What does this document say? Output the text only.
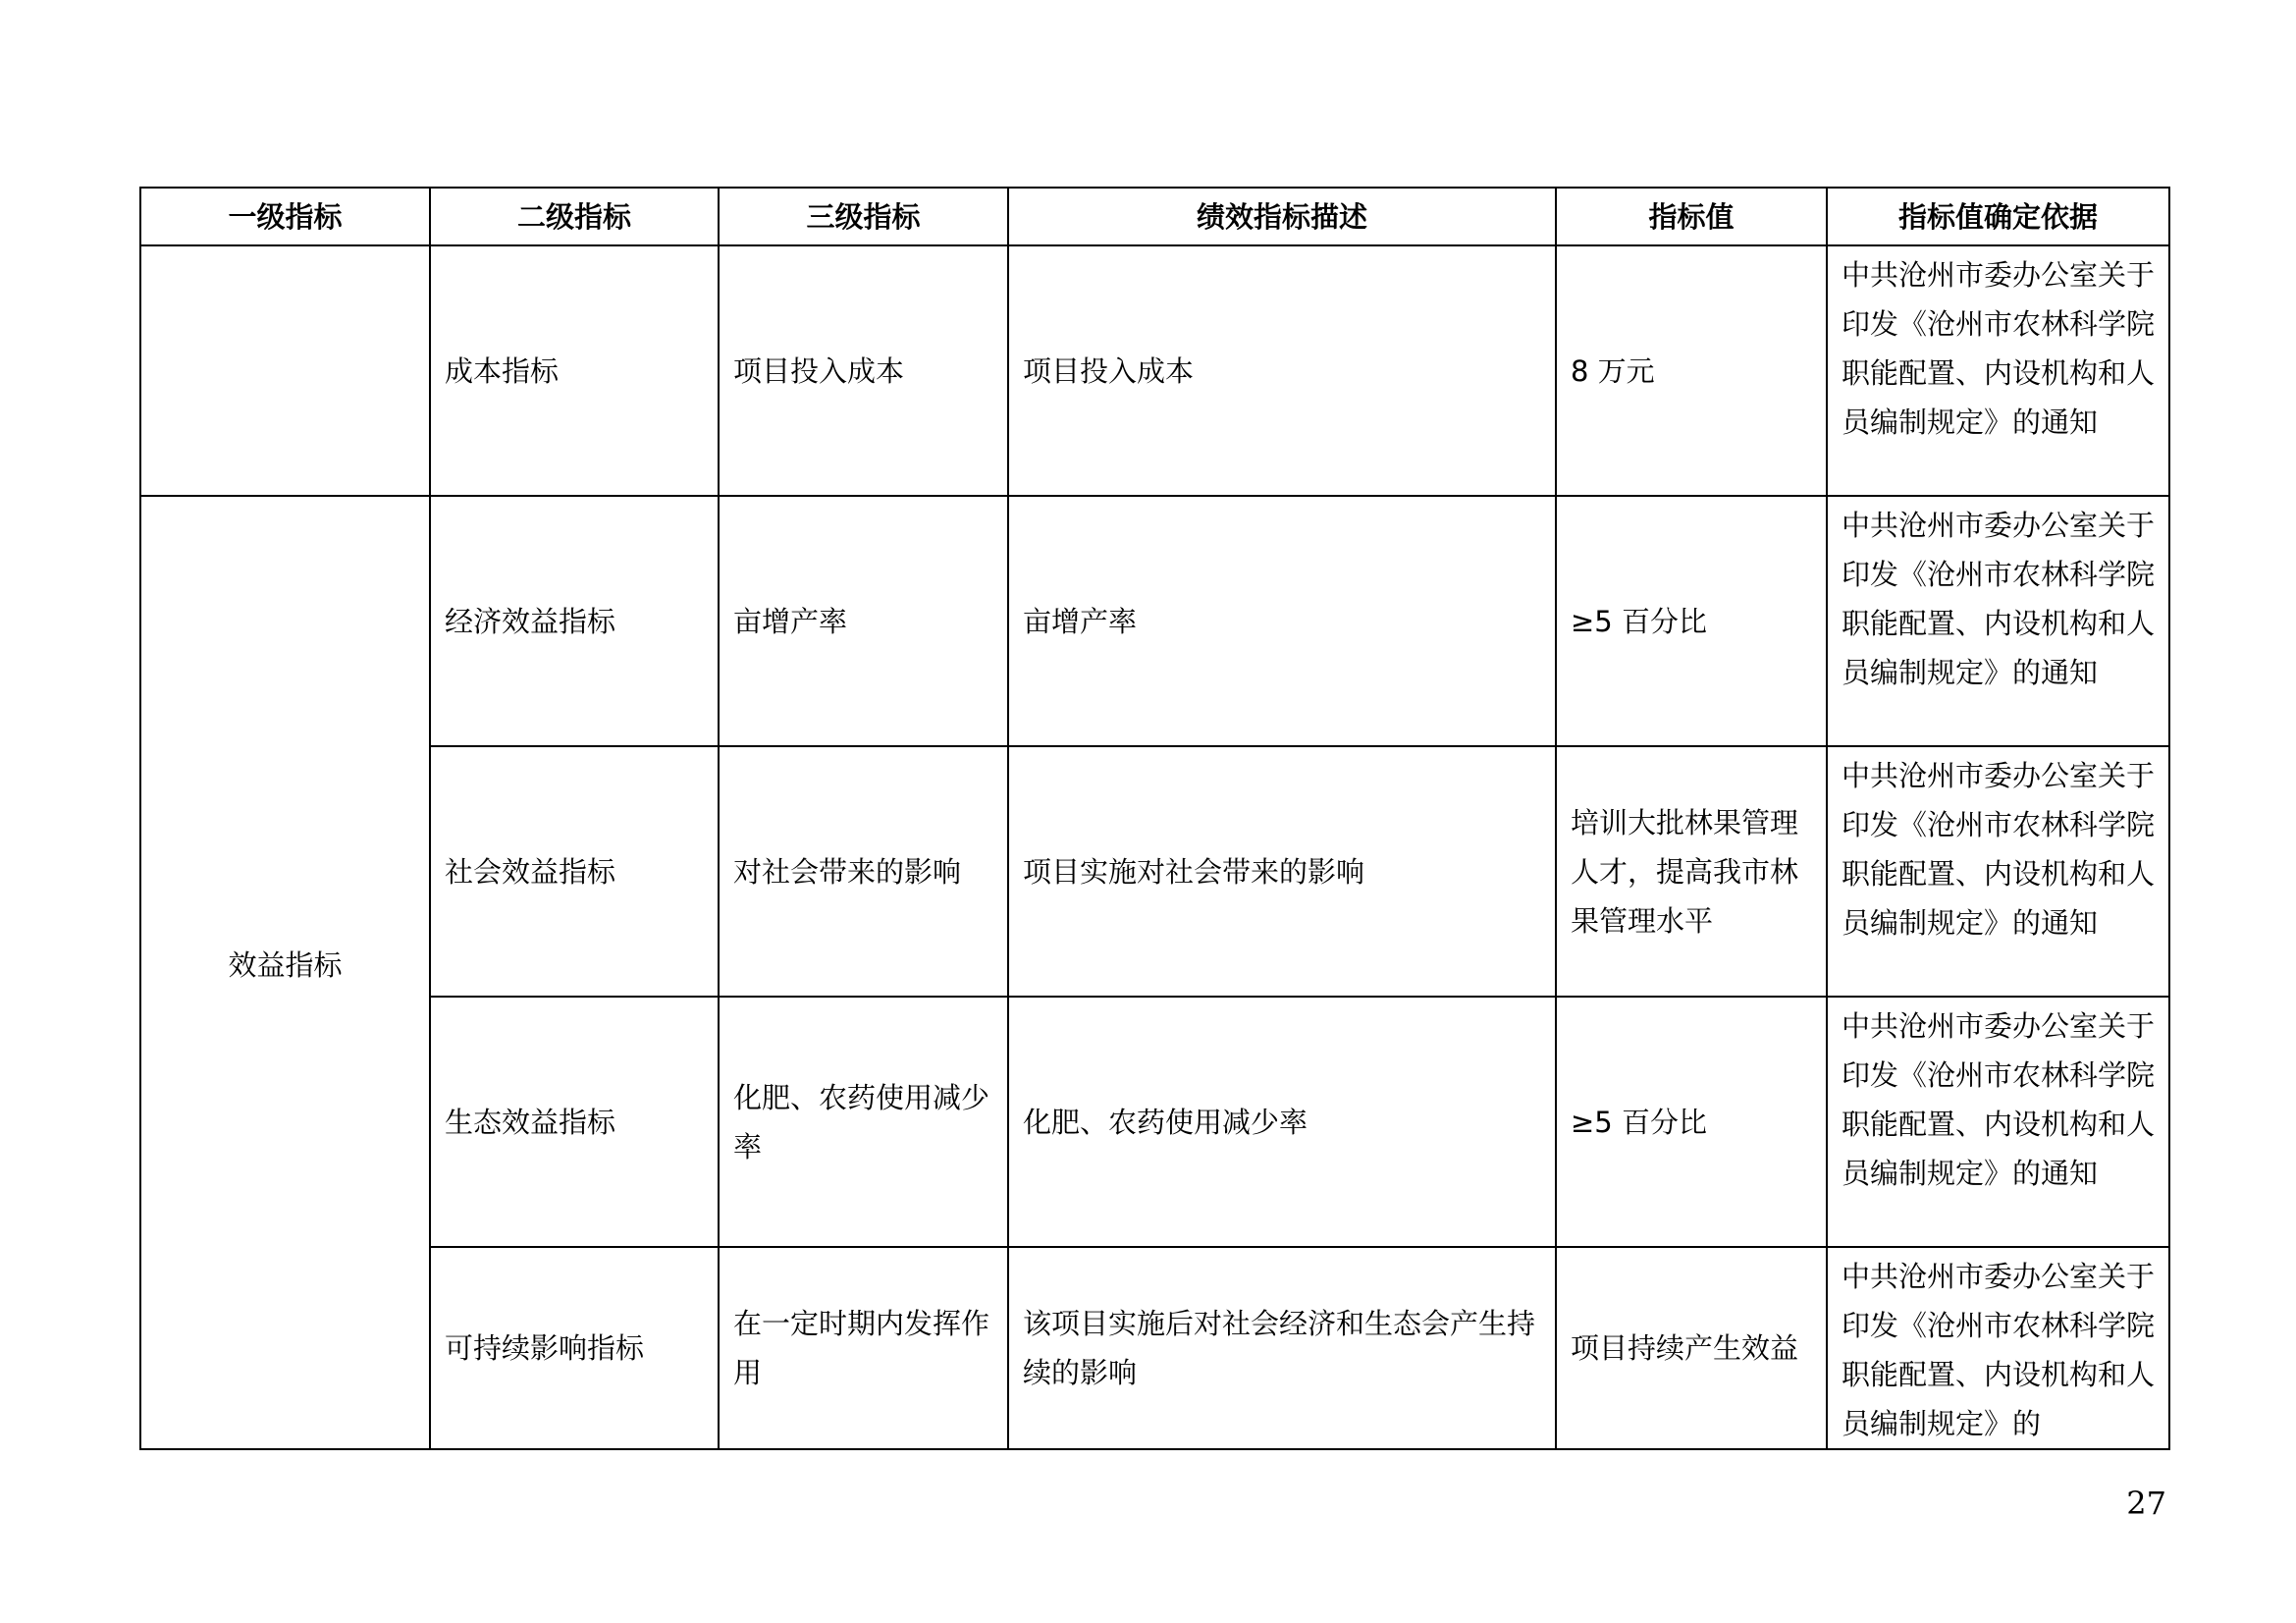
一级指标	二级指标	三级指标	绩效指标描述	指标值	指标值确定依据
	成本指标	项目投入成本	项目投入成本	8 万元	中共沧州市委办公室关于印发《沧州市农林科学院职能配置、内设机构和人员编制规定》的通知
效益指标	经济效益指标	亩增产率	亩增产率	≥5 百分比	中共沧州市委办公室关于印发《沧州市农林科学院职能配置、内设机构和人员编制规定》的通知
	社会效益指标	对社会带来的影响	项目实施对社会带来的影响	培训大批林果管理人才，提高我市林果管理水平	中共沧州市委办公室关于印发《沧州市农林科学院职能配置、内设机构和人员编制规定》的通知
	生态效益指标	化肥、农药使用减少率	化肥、农药使用减少率	≥5 百分比	中共沧州市委办公室关于印发《沧州市农林科学院职能配置、内设机构和人员编制规定》的通知
	可持续影响指标	在一定时期内发挥作用	该项目实施后对社会经济和生态会产生持续的影响	项目持续产生效益	中共沧州市委办公室关于印发《沧州市农林科学院职能配置、内设机构和人员编制规定》的
27
